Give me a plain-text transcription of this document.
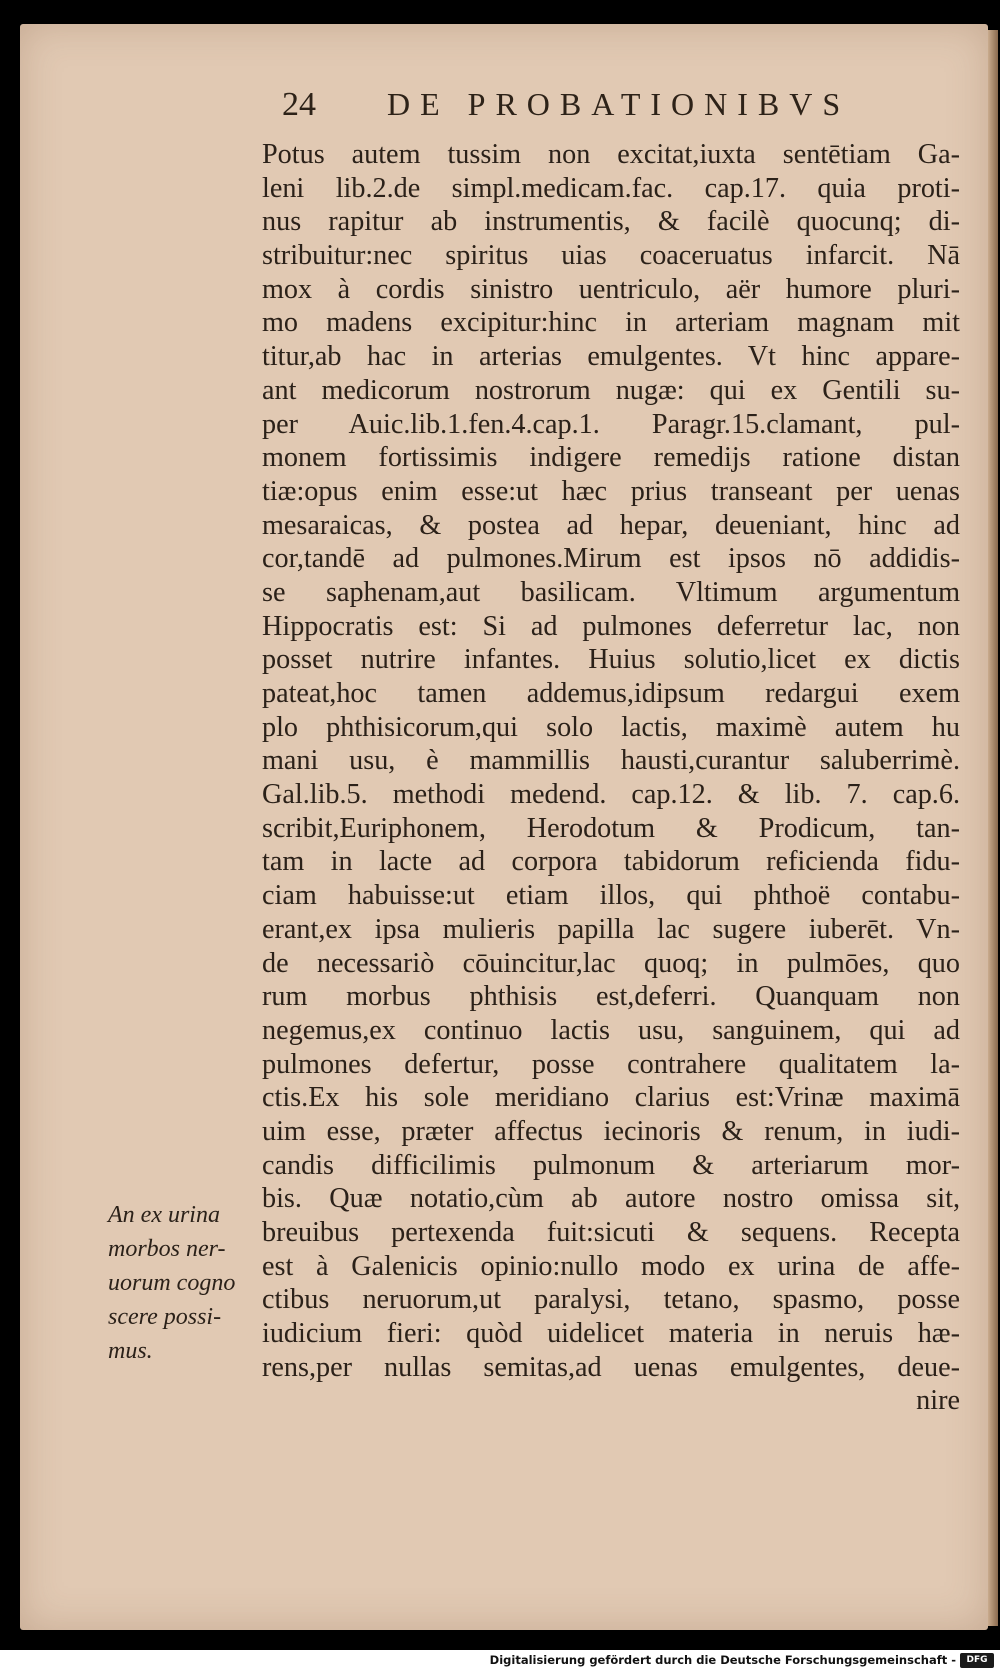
24 DE PROBATIONIBVS
Potus autem tussim non excitat,iuxta sentētiam Ga-
leni lib.2.de simpl.medicam.fac. cap.17. quia proti-
nus rapitur ab instrumentis, & facilè quocunq; di-
stribuitur:nec spiritus uias coaceruatus infarcit. Nā
mox à cordis sinistro uentriculo, aër humore pluri-
mo madens excipitur:hinc in arteriam magnam mit
titur,ab hac in arterias emulgentes. Vt hinc appare-
ant medicorum nostrorum nugæ: qui ex Gentili su-
per Auic.lib.1.fen.4.cap.1. Paragr.15.clamant, pul-
monem fortissimis indigere remedijs ratione distan
tiæ:opus enim esse:ut hæc prius transeant per uenas
mesaraicas, & postea ad hepar, deueniant, hinc ad
cor,tandē ad pulmones.Mirum est ipsos nō addidis-
se saphenam,aut basilicam. Vltimum argumentum
Hippocratis est: Si ad pulmones deferretur lac, non
posset nutrire infantes. Huius solutio,licet ex dictis
pateat,hoc tamen addemus,idipsum redargui exem
plo phthisicorum,qui solo lactis, maximè autem hu
mani usu, è mammillis hausti,curantur saluberrimè.
Gal.lib.5. methodi medend. cap.12. & lib. 7. cap.6.
scribit,Euriphonem, Herodotum & Prodicum, tan-
tam in lacte ad corpora tabidorum reficienda fidu-
ciam habuisse:ut etiam illos, qui phthoë contabu-
erant,ex ipsa mulieris papilla lac sugere iuberēt. Vn-
de necessariò cōuincitur,lac quoq; in pulmōes, quo
rum morbus phthisis est,deferri. Quanquam non
negemus,ex continuo lactis usu, sanguinem, qui ad
pulmones defertur, posse contrahere qualitatem la-
ctis.Ex his sole meridiano clarius est:Vrinæ maximā
uim esse, præter affectus iecinoris & renum, in iudi-
candis difficilimis pulmonum & arteriarum mor-
bis. Quæ notatio,cùm ab autore nostro omissa sit,
breuibus pertexenda fuit:sicuti & sequens. Recepta
est à Galenicis opinio:nullo modo ex urina de affe-
ctibus neruorum,ut paralysi, tetano, spasmo, posse
iudicium fieri: quòd uidelicet materia in neruis hæ-
rens,per nullas semitas,ad uenas emulgentes, deue-
nire
An ex urina
morbos ner-
uorum cogno
scere possi-
mus.
Digitalisierung gefördert durch die Deutsche Forschungsgemeinschaft -	DFG
